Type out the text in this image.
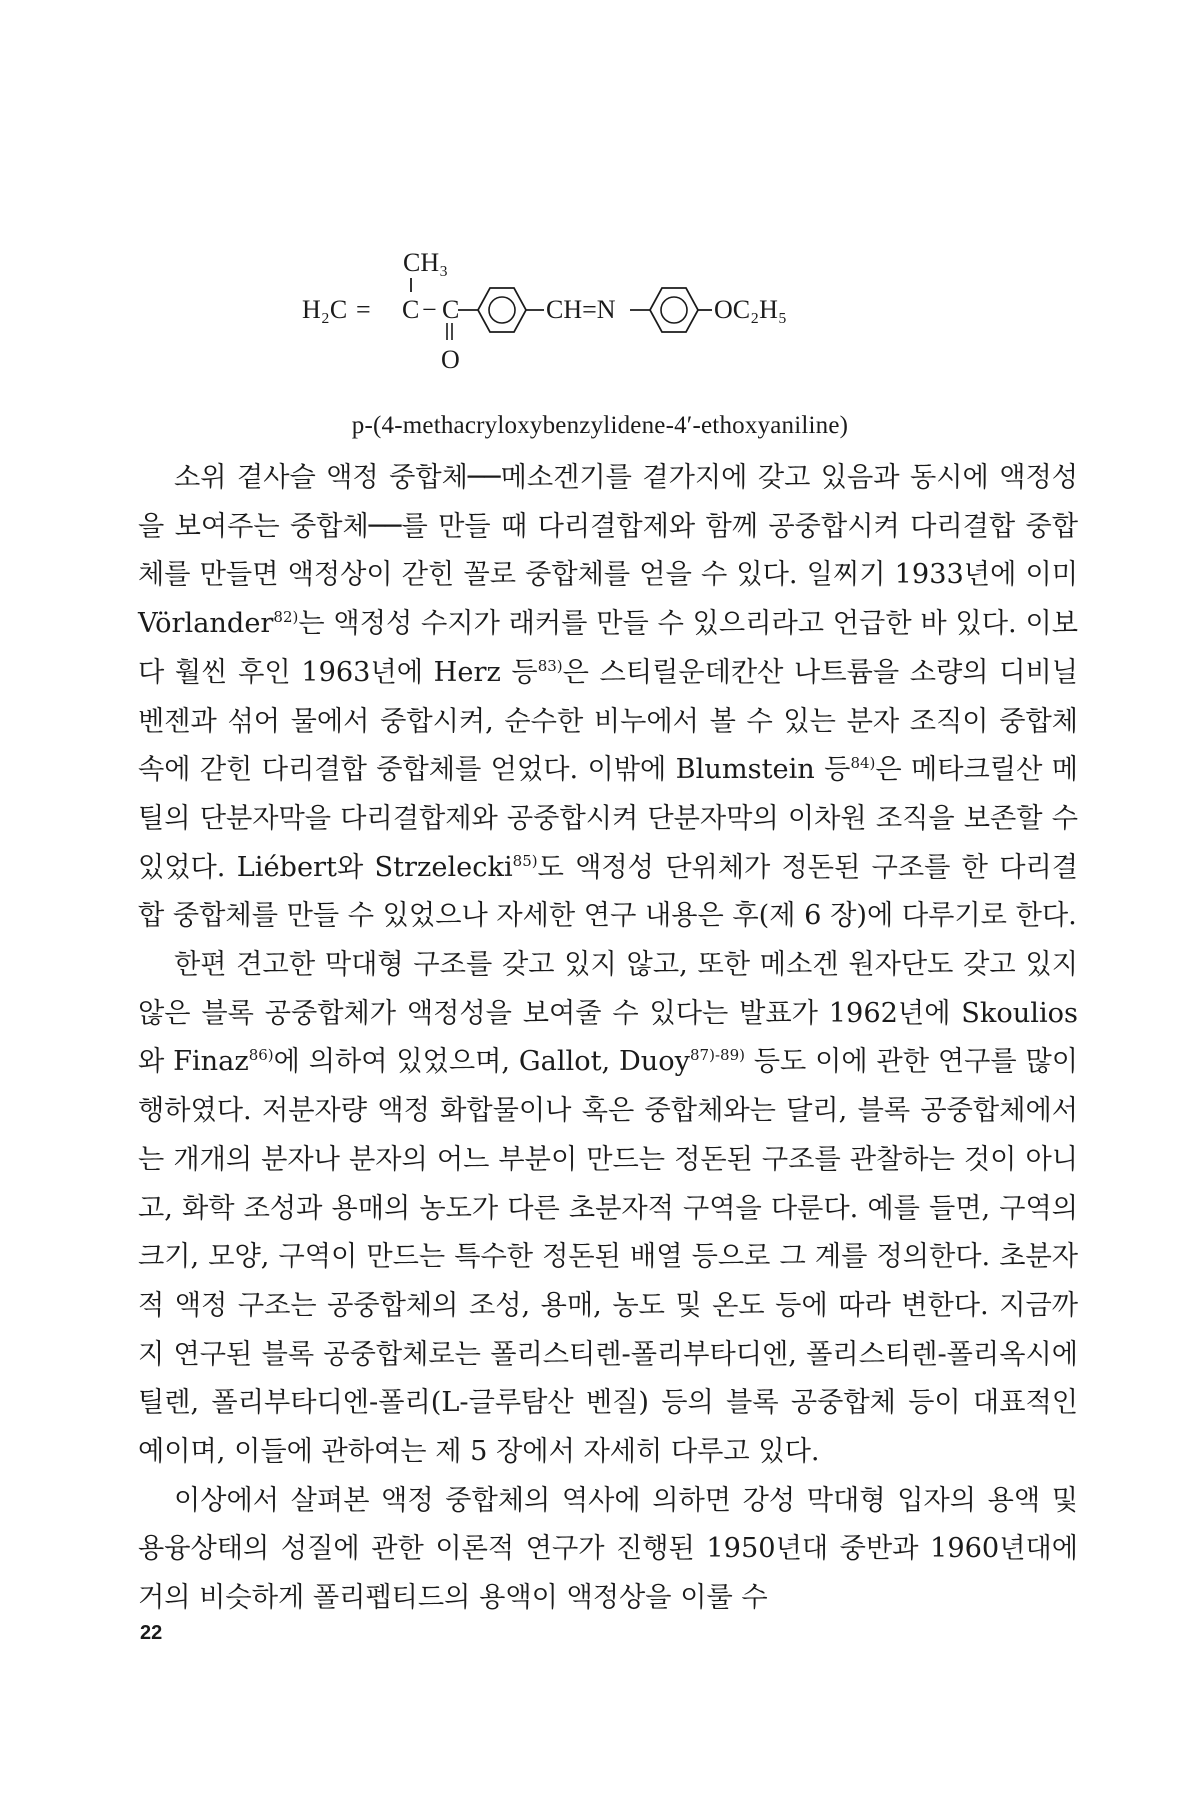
CH₃
H₂C = C − C
O
CH=N	OC₂H₅
p-(4-methacryloxybenzylidene-4′-ethoxyaniline)

소위 곁사슬 액정 중합체──메소겐기를 곁가지에 갖고 있음과 동시에 액정성을 보여주는 중합체──를 만들 때 다리결합제와 함께 공중합시켜 다리결합 중합체를 만들면 액정상이 갇힌 꼴로 중합체를 얻을 수 있다. 일찌기 1933년에 이미 Vörlander$^{82)}$는 액정성 수지가 래커를 만들 수 있으리라고 언급한 바 있다. 이보다 훨씬 후인 1963년에 Herz 등$^{83)}$은 스티릴운데칸산 나트륨을 소량의 디비닐벤젠과 섞어 물에서 중합시켜, 순수한 비누에서 볼 수 있는 분자 조직이 중합체 속에 갇힌 다리결합 중합체를 얻었다. 이밖에 Blumstein 등$^{84)}$은 메타크릴산 메틸의 단분자막을 다리결합제와 공중합시켜 단분자막의 이차원 조직을 보존할 수 있었다. Liébert와 Strzelecki$^{85)}$도 액정성 단위체가 정돈된 구조를 한 다리결합 중합체를 만들 수 있었으나 자세한 연구 내용은 후(제 6 장)에 다루기로 한다.

한편 견고한 막대형 구조를 갖고 있지 않고, 또한 메소겐 원자단도 갖고 있지 않은 블록 공중합체가 액정성을 보여줄 수 있다는 발표가 1962년에 Skoulios와 Finaz$^{86)}$에 의하여 있었으며, Gallot, Duoy$^{87)-89)}$ 등도 이에 관한 연구를 많이 행하였다. 저분자량 액정 화합물이나 혹은 중합체와는 달리, 블록 공중합체에서는 개개의 분자나 분자의 어느 부분이 만드는 정돈된 구조를 관찰하는 것이 아니고, 화학 조성과 용매의 농도가 다른 초분자적 구역을 다룬다. 예를 들면, 구역의 크기, 모양, 구역이 만드는 특수한 정돈된 배열 등으로 그 계를 정의한다. 초분자적 액정 구조는 공중합체의 조성, 용매, 농도 및 온도 등에 따라 변한다. 지금까지 연구된 블록 공중합체로는 폴리스티렌-폴리부타디엔, 폴리스티렌-폴리옥시에틸렌, 폴리부타디엔-폴리(L-글루탐산 벤질) 등의 블록 공중합체 등이 대표적인 예이며, 이들에 관하여는 제 5 장에서 자세히 다루고 있다.

이상에서 살펴본 액정 중합체의 역사에 의하면 강성 막대형 입자의 용액 및 용융상태의 성질에 관한 이론적 연구가 진행된 1950년대 중반과 1960년대에 거의 비슷하게 폴리펩티드의 용액이 액정상을 이룰 수

22
